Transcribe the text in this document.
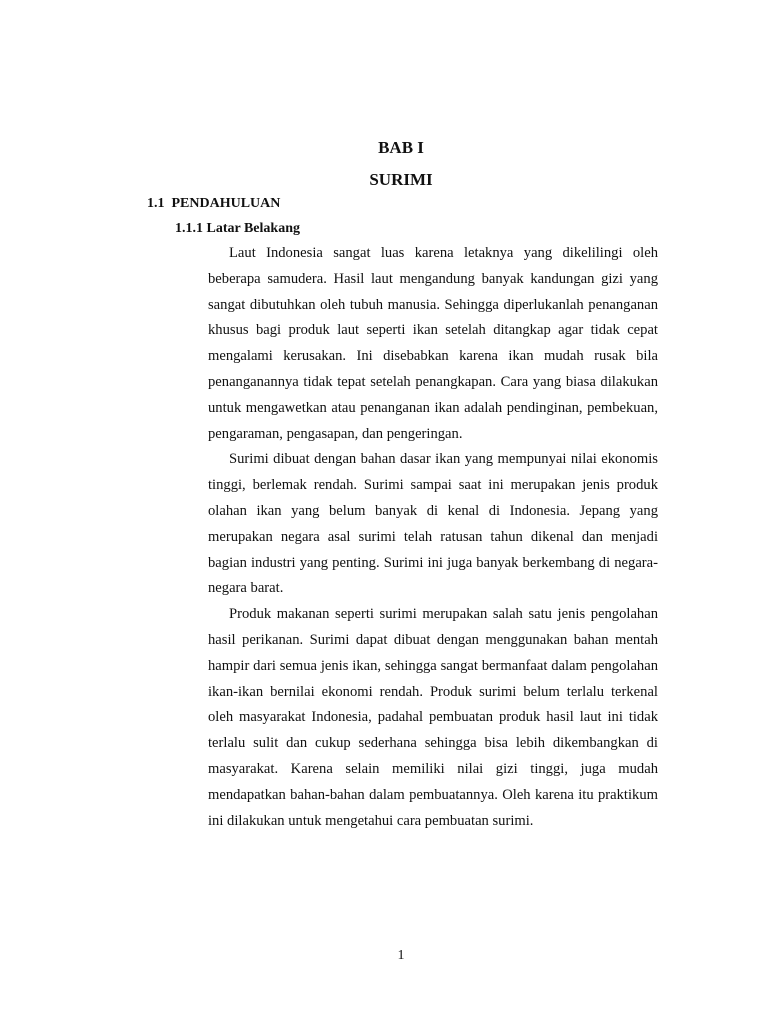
BAB I
SURIMI
1.1  PENDAHULUAN
1.1.1 Latar Belakang

Laut Indonesia sangat luas karena letaknya yang dikelilingi oleh beberapa samudera. Hasil laut mengandung banyak kandungan gizi yang sangat dibutuhkan oleh tubuh manusia. Sehingga diperlukanlah penanganan khusus bagi produk laut seperti ikan setelah ditangkap agar tidak cepat mengalami kerusakan. Ini disebabkan karena ikan mudah rusak bila penanganannya tidak tepat setelah penangkapan. Cara yang biasa dilakukan untuk mengawetkan atau penanganan ikan adalah pendinginan, pembekuan, pengaraman, pengasapan, dan pengeringan.

Surimi dibuat dengan bahan dasar ikan yang mempunyai nilai ekonomis tinggi, berlemak rendah. Surimi sampai saat ini merupakan jenis produk olahan ikan yang belum banyak di kenal di Indonesia. Jepang yang merupakan negara asal surimi telah ratusan tahun dikenal dan menjadi bagian industri yang penting. Surimi ini juga banyak berkembang di negara-negara barat.

Produk makanan seperti surimi merupakan salah satu jenis pengolahan hasil perikanan. Surimi dapat dibuat dengan menggunakan bahan mentah hampir dari semua jenis ikan, sehingga sangat bermanfaat dalam pengolahan ikan-ikan bernilai ekonomi rendah. Produk surimi belum terlalu terkenal oleh masyarakat Indonesia, padahal pembuatan produk hasil laut ini tidak terlalu sulit dan cukup sederhana sehingga bisa lebih dikembangkan di masyarakat. Karena selain memiliki nilai gizi tinggi, juga mudah mendapatkan bahan-bahan dalam pembuatannya. Oleh karena itu praktikum ini dilakukan untuk mengetahui cara pembuatan surimi.

1
